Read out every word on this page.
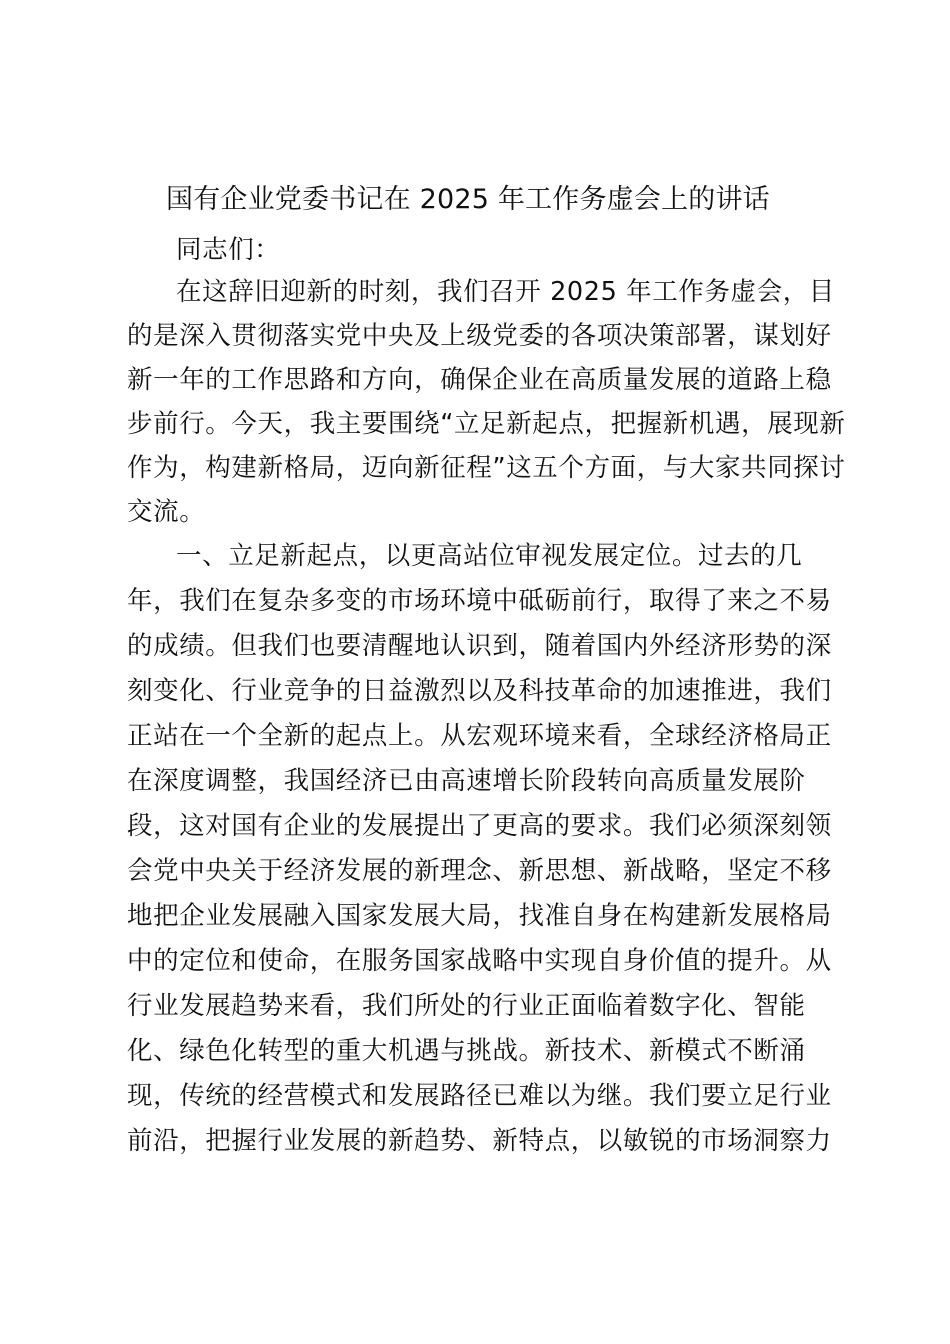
国有企业党委书记在 2025 年工作务虚会上的讲话
同志们：
在这辞旧迎新的时刻，我们召开 2025 年工作务虚会，目
的是深入贯彻落实党中央及上级党委的各项决策部署，谋划好
新一年的工作思路和方向，确保企业在高质量发展的道路上稳
步前行。今天，我主要围绕“立足新起点，把握新机遇，展现新
作为，构建新格局，迈向新征程”这五个方面，与大家共同探讨
交流。
一、立足新起点，以更高站位审视发展定位。过去的几
年，我们在复杂多变的市场环境中砥砺前行，取得了来之不易
的成绩。但我们也要清醒地认识到，随着国内外经济形势的深
刻变化、行业竞争的日益激烈以及科技革命的加速推进，我们
正站在一个全新的起点上。从宏观环境来看，全球经济格局正
在深度调整，我国经济已由高速增长阶段转向高质量发展阶
段，这对国有企业的发展提出了更高的要求。我们必须深刻领
会党中央关于经济发展的新理念、新思想、新战略，坚定不移
地把企业发展融入国家发展大局，找准自身在构建新发展格局
中的定位和使命，在服务国家战略中实现自身价值的提升。从
行业发展趋势来看，我们所处的行业正面临着数字化、智能
化、绿色化转型的重大机遇与挑战。新技术、新模式不断涌
现，传统的经营模式和发展路径已难以为继。我们要立足行业
前沿，把握行业发展的新趋势、新特点，以敏锐的市场洞察力
